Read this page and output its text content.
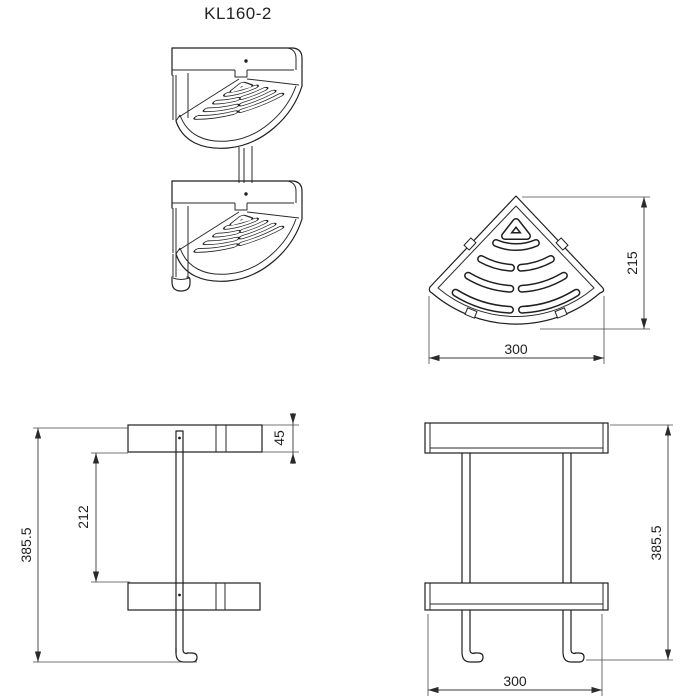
KL160-2
215
300
385.5
212
45
385.5
300
